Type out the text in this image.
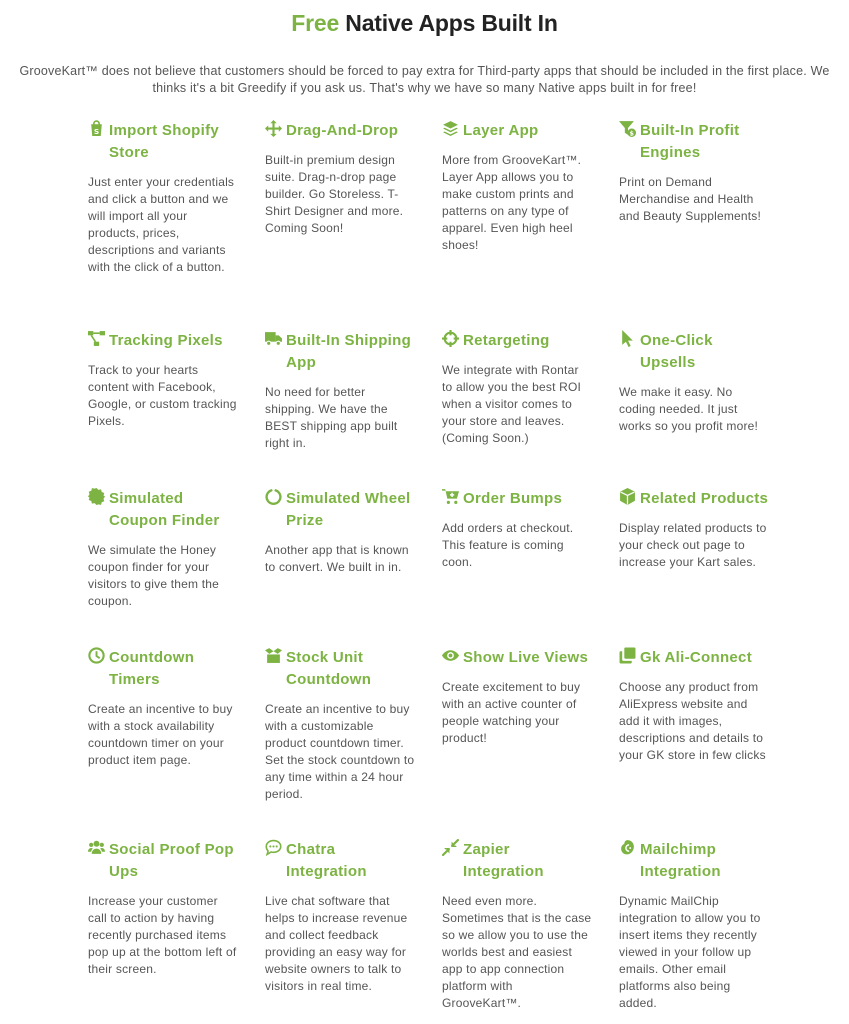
Free Native Apps Built In

GrooveKart™ does not believe that customers should be forced to pay extra for Third-party apps that should be included in the first place. We thinks it's a bit Greedify if you ask us. That's why we have so many Native apps built in for free!

S Import Shopify Store

Just enter your credentials and click a button and we will import all your products, prices, descriptions and variants with the click of a button.

Drag-And-Drop

Built-in premium design suite. Drag-n-drop page builder. Go Storeless. T-Shirt Designer and more. Coming Soon!

Layer App

More from GrooveKart™. Layer App allows you to make custom prints and patterns on any type of apparel. Even high heel shoes!

$ Built-In Profit Engines

Print on Demand Merchandise and Health and Beauty Supplements!

Tracking Pixels

Track to your hearts content with Facebook, Google, or custom tracking Pixels.

Built-In Shipping App

No need for better shipping. We have the BEST shipping app built right in.

Retargeting

We integrate with Rontar to allow you the best ROI when a visitor comes to your store and leaves. (Coming Soon.)

One-Click Upsells

We make it easy. No coding needed. It just works so you profit more!

Simulated Coupon Finder

We simulate the Honey coupon finder for your visitors to give them the coupon.

Simulated Wheel Prize

Another app that is known to convert. We built in in.

Order Bumps

Add orders at checkout. This feature is coming coon.

Related Products

Display related products to your check out page to increase your Kart sales.

Countdown Timers

Create an incentive to buy with a stock availability countdown timer on your product item page.

Stock Unit Countdown

Create an incentive to buy with a customizable product countdown timer. Set the stock countdown to any time within a 24 hour period.

Show Live Views

Create excitement to buy with an active counter of people watching your product!

Gk Ali-Connect

Choose any product from AliExpress website and add it with images, descriptions and details to your GK store in few clicks

Social Proof Pop Ups

Increase your customer call to action by having recently purchased items pop up at the bottom left of their screen.

Chatra Integration

Live chat software that helps to increase revenue and collect feedback providing an easy way for website owners to talk to visitors in real time.

Zapier Integration

Need even more. Sometimes that is the case so we allow you to use the worlds best and easiest app to app connection platform with GrooveKart™.

Mailchimp Integration

Dynamic MailChip integration to allow you to insert items they recently viewed in your follow up emails. Other email platforms also being added.
